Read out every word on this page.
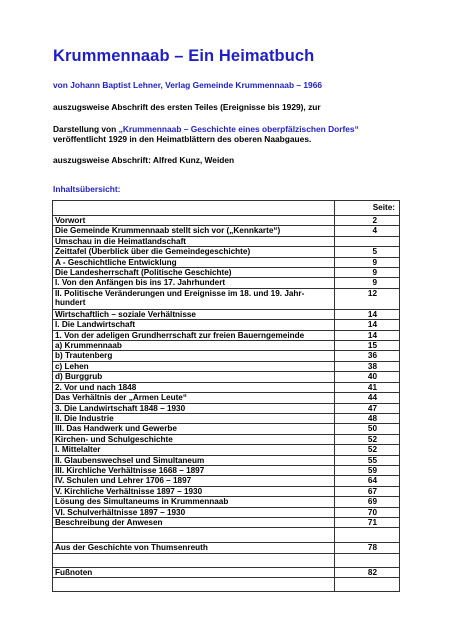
Krummennaab – Ein Heimatbuch
von Johann Baptist Lehner, Verlag Gemeinde Krummennaab – 1966
auszugsweise Abschrift des ersten Teiles (Ereignisse bis 1929), zur
Darstellung von „Krummennaab – Geschichte eines oberpfälzischen Dorfes“
veröffentlicht 1929 in den Heimatblättern des oberen Naabgaues.
auszugsweise Abschrift: Alfred Kunz, Weiden
Inhaltsübersicht:
	Seite:
Vorwort	2
Die Gemeinde Krummennaab stellt sich vor („Kennkarte“)	4
Umschau in die Heimatlandschaft	
Zeittafel (Überblick über die Gemeindegeschichte)	5
A - Geschichtliche Entwicklung	9
Die Landesherrschaft (Politische Geschichte)	9
I. Von den Anfängen bis ins 17. Jahrhundert	9
II. Politische Veränderungen und Ereignisse im 18. und 19. Jahr-hundert	12
Wirtschaftlich – soziale Verhältnisse	14
I. Die Landwirtschaft	14
1. Von der adeligen Grundherrschaft zur freien Bauerngemeinde	14
a) Krummennaab	15
b) Trautenberg	36
c) Lehen	38
d) Burggrub	40
2. Vor und nach 1848	41
Das Verhältnis der „Armen Leute“	44
3. Die Landwirtschaft 1848 – 1930	47
II. Die Industrie	48
III. Das Handwerk und Gewerbe	50
Kirchen- und Schulgeschichte	52
I. Mittelalter	52
II. Glaubenswechsel und Simultaneum	55
III. Kirchliche Verhältnisse 1668 – 1897	59
IV. Schulen und Lehrer 1706 – 1897	64
V. Kirchliche Verhältnisse 1897 – 1930	67
Lösung des Simultaneums in Krummennaab	69
VI. Schulverhältnisse 1897 – 1930	70
Beschreibung der Anwesen	71

Aus der Geschichte von Thumsenreuth	78

Fußnoten	82
